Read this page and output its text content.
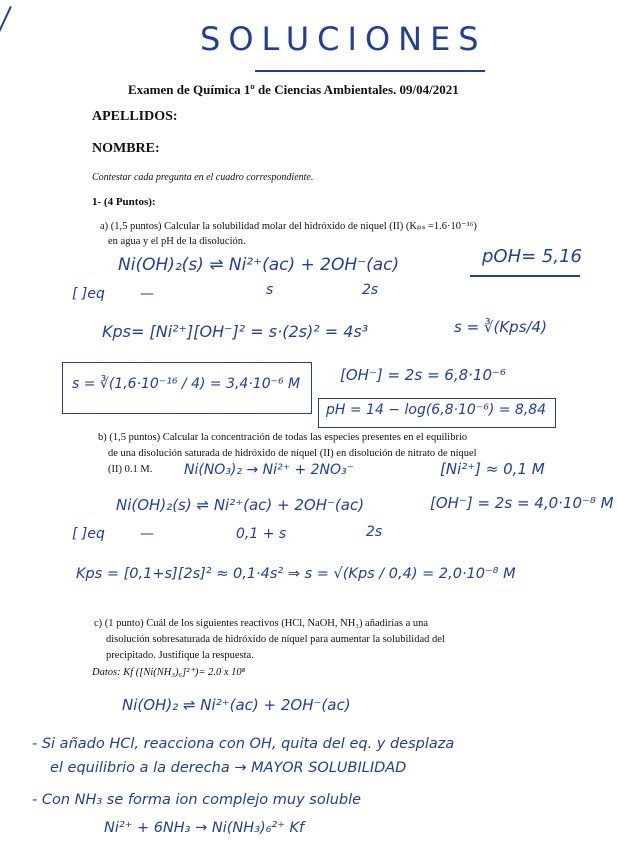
SOLUCIONES
Examen de Química 1º de Ciencias Ambientales. 09/04/2021
APELLIDOS:
NOMBRE:
Contestar cada pregunta en el cuadro correspondiente.
1- (4 Puntos):
a) (1,5 puntos) Calcular la solubilidad molar del hidróxido de níquel (II) (Kₚₛ =1.6·10⁻¹⁶)
en agua y el pH de la disolución.
pOH= 5,16
Ni(OH)₂(s) ⇌ Ni²⁺(ac) + 2OH⁻(ac)
[ ]eq	—	s	2s
Kps= [Ni²⁺][OH⁻]² = s·(2s)² = 4s³	s = ∛(Kps/4)
s = ∛(1,6·10⁻¹⁶ / 4) = 3,4·10⁻⁶ M	[OH⁻] = 2s = 6,8·10⁻⁶
pH = 14 − log(6,8·10⁻⁶) = 8,84
b) (1,5 puntos) Calcular la concentración de todas las especies presentes en el equilibrio
de una disolución saturada de hidróxido de níquel (II) en disolución de nitrato de níquel
(II) 0.1 M. Ni(NO₃)₂ → Ni²⁺ + 2NO₃⁻	[Ni²⁺] ≈ 0,1 M
Ni(OH)₂(s) ⇌ Ni²⁺(ac) + 2OH⁻(ac)	[OH⁻] = 2s = 4,0·10⁻⁸ M
[ ]eq	—	0,1 + s	2s
Kps = [0,1+s][2s]² ≈ 0,1·4s² ⇒ s = √(Kps / 0,4) = 2,0·10⁻⁸ M
c) (1 punto) Cuál de los siguientes reactivos (HCl, NaOH, NH₃) añadirías a una
disolución sobresaturada de hidróxido de níquel para aumentar la solubilidad del
precipitado. Justifique la respuesta.
Datos: Kf ([Ni(NH₃)₆]²⁺)= 2.0 x 10⁸
Ni(OH)₂ ⇌ Ni²⁺(ac) + 2OH⁻(ac)
- Si añado HCl, reacciona con OH, quita del eq. y desplaza
el equilibrio a la derecha → MAYOR SOLUBILIDAD
- Con NH₃ se forma ion complejo muy soluble
Ni²⁺ + 6NH₃ → Ni(NH₃)₆²⁺ Kf
